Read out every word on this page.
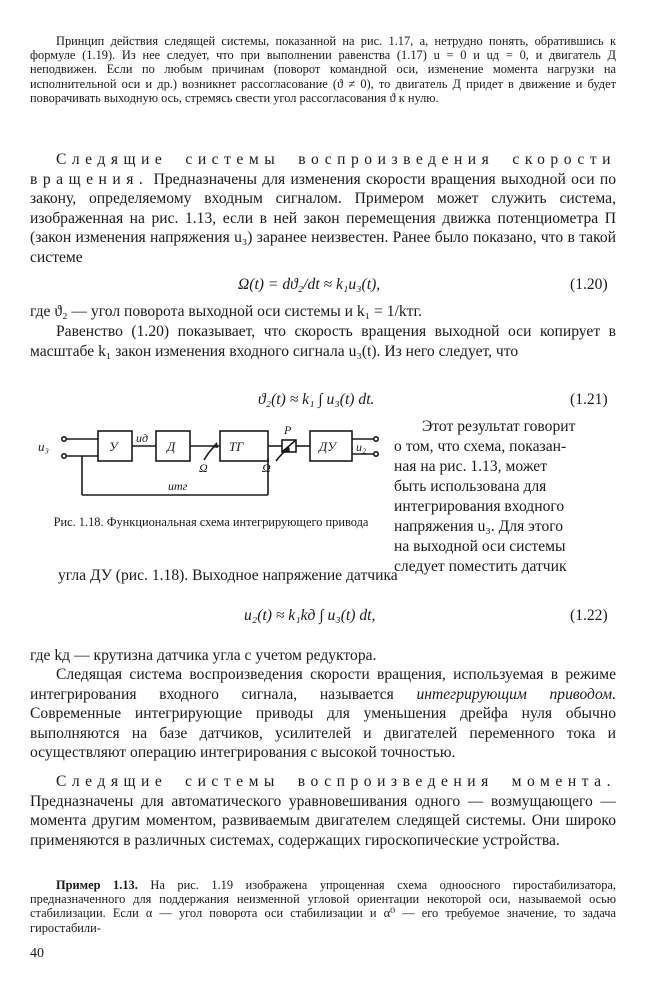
Принцип действия следящей системы, показанной на рис. 1.17, а, нетрудно понять, обратившись к формуле (1.19). Из нее следует, что при выполнении равенства (1.17) u = 0 и uд = 0, и двигатель Д неподвижен. Если по любым причинам (поворот командной оси, изменение момента нагрузки на исполнительной оси и др.) возникнет рассогласование (ϑ ≠ 0), то двигатель Д придет в движение и будет поворачивать выходную ось, стремясь свести угол рассогласования ϑ к нулю.
Следящие системы воспроизведения скорости вращения. Предназначены для изменения скорости вращения выходной оси по закону, определяемому входным сигналом. Примером может служить система, изображенная на рис. 1.13, если в ней закон перемещения движка потенциометра П (закон изменения напряжения u₃) заранее неизвестен. Ранее было показано, что в такой системе
Ω(t) = dϑ₂/dt ≈ k₁u₃(t),	(1.20)
где ϑ₂ — угол поворота выходной оси системы и k₁ = 1/kтг.
Равенство (1.20) показывает, что скорость вращения выходной оси копирует в масштабе k₁ закон изменения входного сигнала u₃(t). Из него следует, что
ϑ₂(t) ≈ k₁ ∫ u₃(t) dt.	(1.21)
u₃	У
uд
Д	ТГ
Ω	Ω
Р
ДУ u₂
uтг
Рис. 1.18. Функциональная схема интегрирующего привода
Этот результат говорит
о том, что схема, показан-
ная на рис. 1.13, может
быть использована для
интегрирования входного
напряжения u₃. Для этого
на выходной оси системы
следует поместить датчик
угла ДУ (рис. 1.18). Выходное напряжение датчика
u₂(t) ≈ k₁kд ∫ u₃(t) dt,	(1.22)
где kд — крутизна датчика угла с учетом редуктора.
Следящая система воспроизведения скорости вращения, используемая в режиме интегрирования входного сигнала, называется интегрирующим приводом. Современные интегрирующие приводы для уменьшения дрейфа нуля обычно выполняются на базе датчиков, усилителей и двигателей переменного тока и осуществляют операцию интегрирования с высокой точностью.
Следящие системы воспроизведения момента. Предназначены для автоматического уравновешивания одного — возмущающего — момента другим моментом, развиваемым двигателем следящей системы. Они широко применяются в различных системах, содержащих гироскопические устройства.
Пример 1.13. На рис. 1.19 изображена упрощенная схема одноосного гиростабилизатора, предназначенного для поддержания неизменной угловой ориентации некоторой оси, называемой осью стабилизации. Если α — угол поворота оси стабилизации и α⁰ — его требуемое значение, то задача гиростабили-
40
